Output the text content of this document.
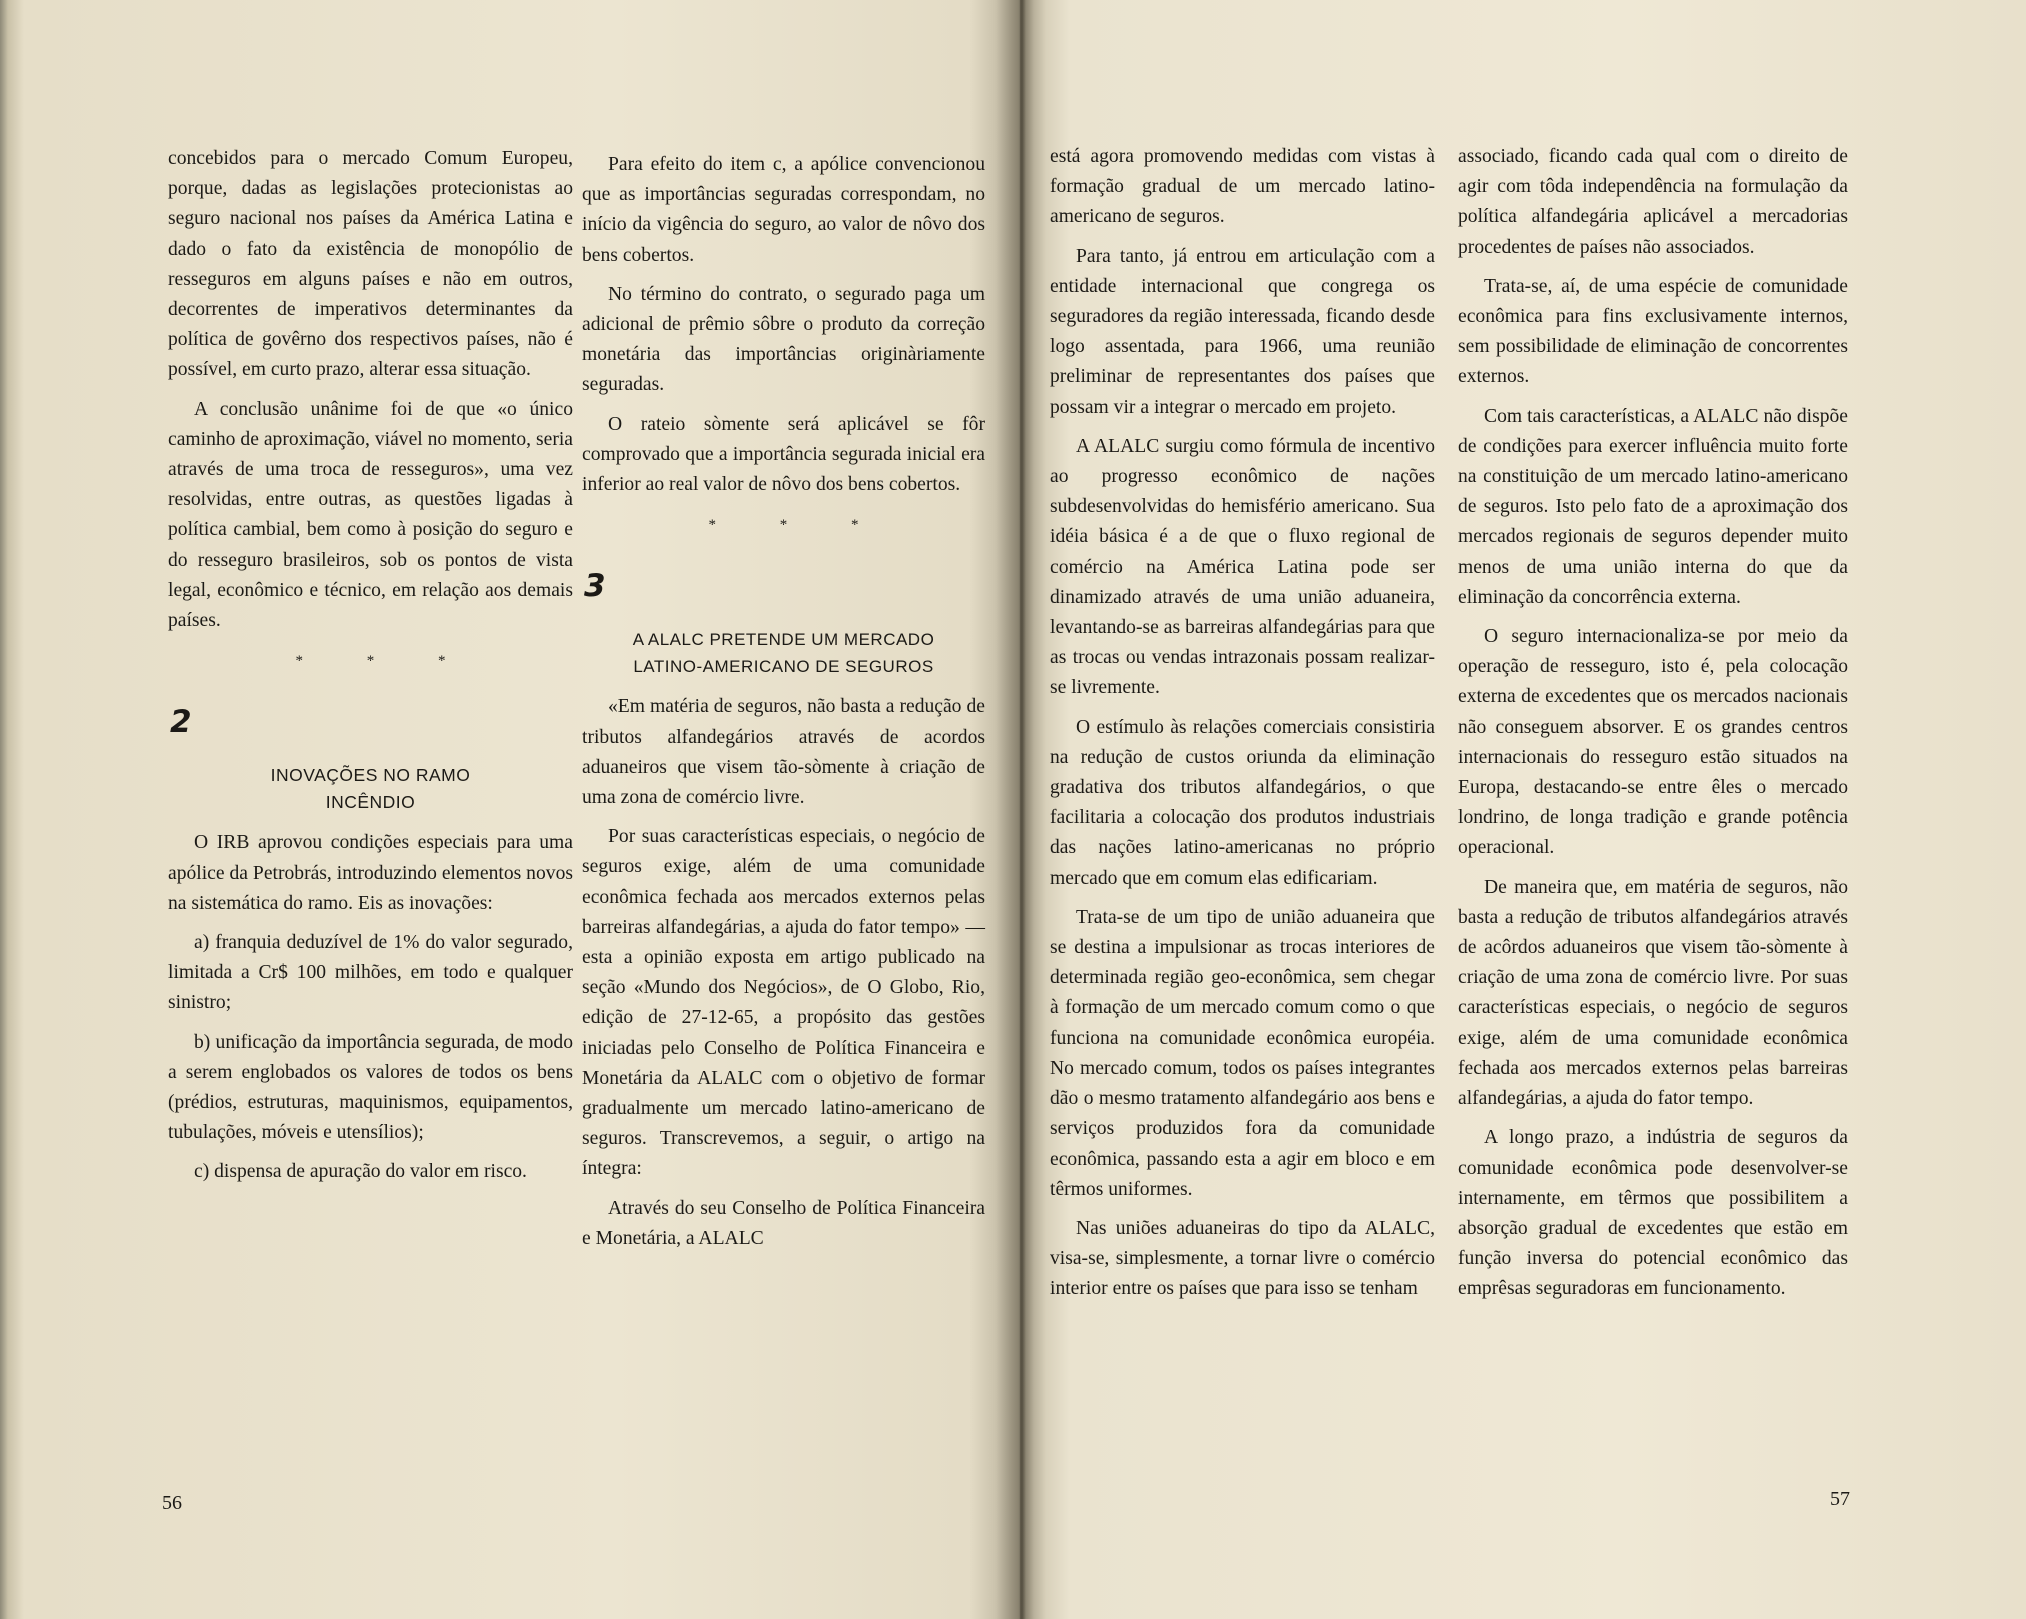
concebidos para o mercado Comum Europeu, porque, dadas as legislações protecionistas ao seguro nacional nos países da América Latina e dado o fato da existência de monopólio de resseguros em alguns países e não em outros, decorrentes de imperativos determinantes da política de govêrno dos respectivos países, não é possível, em curto prazo, alterar essa situação.

A conclusão unânime foi de que «o único caminho de aproximação, viável no momento, seria através de uma troca de resseguros», uma vez resolvidas, entre outras, as questões ligadas à política cambial, bem como à posição do seguro e do resseguro brasileiros, sob os pontos de vista legal, econômico e técnico, em relação aos demais países.

* * *
2
INOVAÇÕES NO RAMO
INCÊNDIO

O IRB aprovou condições especiais para uma apólice da Petrobrás, introduzindo elementos novos na sistemática do ramo. Eis as inovações:

a) franquia deduzível de 1% do valor segurado, limitada a Cr$ 100 milhões, em todo e qualquer sinistro;

b) unificação da importância segurada, de modo a serem englobados os valores de todos os bens (prédios, estruturas, maquinismos, equipamentos, tubulações, móveis e utensílios);

c) dispensa de apuração do valor em risco.

Para efeito do item c, a apólice convencionou que as importâncias seguradas correspondam, no início da vigência do seguro, ao valor de nôvo dos bens cobertos.

No término do contrato, o segurado paga um adicional de prêmio sôbre o produto da correção monetária das importâncias originàriamente seguradas.

O rateio sòmente será aplicável se fôr comprovado que a importância segurada inicial era inferior ao real valor de nôvo dos bens cobertos.

* * *
3
A ALALC PRETENDE UM MERCADO
LATINO-AMERICANO DE SEGUROS

«Em matéria de seguros, não basta a redução de tributos alfandegários através de acordos aduaneiros que visem tão-sòmente à criação de uma zona de comércio livre.

Por suas características especiais, o negócio de seguros exige, além de uma comunidade econômica fechada aos mercados externos pelas barreiras alfandegárias, a ajuda do fator tempo» — esta a opinião exposta em artigo publicado na seção «Mundo dos Negócios», de O Globo, Rio, edição de 27-12-65, a propósito das gestões iniciadas pelo Conselho de Política Financeira e Monetária da ALALC com o objetivo de formar gradualmente um mercado latino-americano de seguros. Transcrevemos, a seguir, o artigo na íntegra:

Através do seu Conselho de Política Financeira e Monetária, a ALALC

56

está agora promovendo medidas com vistas à formação gradual de um mercado latino-americano de seguros.

Para tanto, já entrou em articulação com a entidade internacional que congrega os seguradores da região interessada, ficando desde logo assentada, para 1966, uma reunião preliminar de representantes dos países que possam vir a integrar o mercado em projeto.

A ALALC surgiu como fórmula de incentivo ao progresso econômico de nações subdesenvolvidas do hemisfério americano. Sua idéia básica é a de que o fluxo regional de comércio na América Latina pode ser dinamizado através de uma união aduaneira, levantando-se as barreiras alfandegárias para que as trocas ou vendas intrazonais possam realizar-se livremente.

O estímulo às relações comerciais consistiria na redução de custos oriunda da eliminação gradativa dos tributos alfandegários, o que facilitaria a colocação dos produtos industriais das nações latino-americanas no próprio mercado que em comum elas edificariam.

Trata-se de um tipo de união aduaneira que se destina a impulsionar as trocas interiores de determinada região geo-econômica, sem chegar à formação de um mercado comum como o que funciona na comunidade econômica européia. No mercado comum, todos os países integrantes dão o mesmo tratamento alfandegário aos bens e serviços produzidos fora da comunidade econômica, passando esta a agir em bloco e em têrmos uniformes.

Nas uniões aduaneiras do tipo da ALALC, visa-se, simplesmente, a tornar livre o comércio interior entre os países que para isso se tenham

associado, ficando cada qual com o direito de agir com tôda independência na formulação da política alfandegária aplicável a mercadorias procedentes de países não associados.

Trata-se, aí, de uma espécie de comunidade econômica para fins exclusivamente internos, sem possibilidade de eliminação de concorrentes externos.

Com tais características, a ALALC não dispõe de condições para exercer influência muito forte na constituição de um mercado latino-americano de seguros. Isto pelo fato de a aproximação dos mercados regionais de seguros depender muito menos de uma união interna do que da eliminação da concorrência externa.

O seguro internacionaliza-se por meio da operação de resseguro, isto é, pela colocação externa de excedentes que os mercados nacionais não conseguem absorver. E os grandes centros internacionais do resseguro estão situados na Europa, destacando-se entre êles o mercado londrino, de longa tradição e grande potência operacional.

De maneira que, em matéria de seguros, não basta a redução de tributos alfandegários através de acôrdos aduaneiros que visem tão-sòmente à criação de uma zona de comércio livre. Por suas características especiais, o negócio de seguros exige, além de uma comunidade econômica fechada aos mercados externos pelas barreiras alfandegárias, a ajuda do fator tempo.

A longo prazo, a indústria de seguros da comunidade econômica pode desenvolver-se internamente, em têrmos que possibilitem a absorção gradual de excedentes que estão em função inversa do potencial econômico das emprêsas seguradoras em funcionamento.

57
